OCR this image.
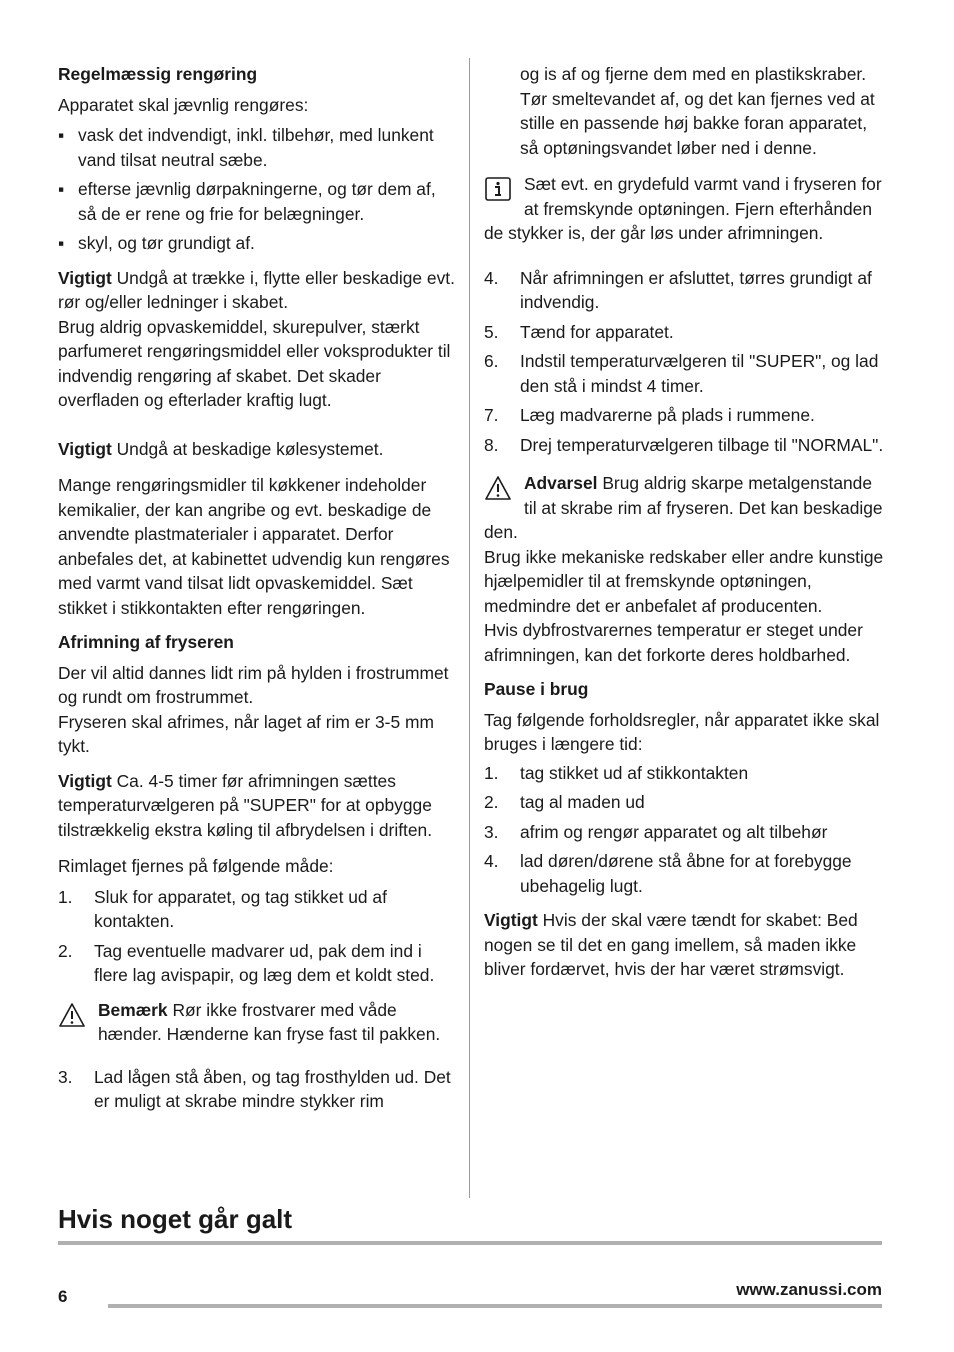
Regelmæssig rengøring

Apparatet skal jævnlig rengøres:

▪ vask det indvendigt, inkl. tilbehør, med lunkent vand tilsat neutral sæbe.
▪ efterse jævnlig dørpakningerne, og tør dem af, så de er rene og frie for belægninger.
▪ skyl, og tør grundigt af.

Vigtigt Undgå at trække i, flytte eller beskadige evt. rør og/eller ledninger i skabet.

Brug aldrig opvaskemiddel, skurepulver, stærkt parfumeret rengøringsmiddel eller voksprodukter til indvendig rengøring af skabet. Det skader overfladen og efterlader kraftig lugt.

Vigtigt Undgå at beskadige kølesystemet.

Mange rengøringsmidler til køkkener indeholder kemikalier, der kan angribe og evt. beskadige de anvendte plastmaterialer i apparatet. Derfor anbefales det, at kabinettet udvendig kun rengøres med varmt vand tilsat lidt opvaskemiddel. Sæt stikket i stikkontakten efter rengøringen.

Afrimning af fryseren

Der vil altid dannes lidt rim på hylden i frostrummet og rundt om frostrummet.

Fryseren skal afrimes, når laget af rim er 3-5 mm tykt.

Vigtigt Ca. 4-5 timer før afrimningen sættes temperaturvælgeren på "SUPER" for at opbygge tilstrækkelig ekstra køling til afbrydelsen i driften.

Rimlaget fjernes på følgende måde:

1. Sluk for apparatet, og tag stikket ud af kontakten.
2. Tag eventuelle madvarer ud, pak dem ind i flere lag avispapir, og læg dem et koldt sted.
Bemærk Rør ikke frostvarer med våde hænder. Hænderne kan fryse fast til pakken.
3. Lad lågen stå åben, og tag frosthylden ud. Det er muligt at skrabe mindre stykker rim

og is af og fjerne dem med en plastikskraber. Tør smeltevandet af, og det kan fjernes ved at stille en passende høj bakke foran apparatet, så optøningsvandet løber ned i denne.

Sæt evt. en grydefuld varmt vand i fryseren for at fremskynde optøningen. Fjern efterhånden de stykker is, der går løs under afrimningen.
4. Når afrimningen er afsluttet, tørres grundigt af indvendig.
5. Tænd for apparatet.
6. Indstil temperaturvælgeren til "SUPER", og lad den stå i mindst 4 timer.
7. Læg madvarerne på plads i rummene.
8. Drej temperaturvælgeren tilbage til "NORMAL".
Advarsel Brug aldrig skarpe metalgenstande til at skrabe rim af fryseren. Det kan beskadige den.

Brug ikke mekaniske redskaber eller andre kunstige hjælpemidler til at fremskynde optøningen, medmindre det er anbefalet af producenten.

Hvis dybfrostvarernes temperatur er steget under afrimningen, kan det forkorte deres holdbarhed.

Pause i brug

Tag følgende forholdsregler, når apparatet ikke skal bruges i længere tid:

1. tag stikket ud af stikkontakten
2. tag al maden ud
3. afrim og rengør apparatet og alt tilbehør
4. lad døren/dørene stå åbne for at forebygge ubehagelig lugt.

Vigtigt Hvis der skal være tændt for skabet: Bed nogen se til det en gang imellem, så maden ikke bliver fordærvet, hvis der har været strømsvigt.

Hvis noget går galt
6	www.zanussi.com
